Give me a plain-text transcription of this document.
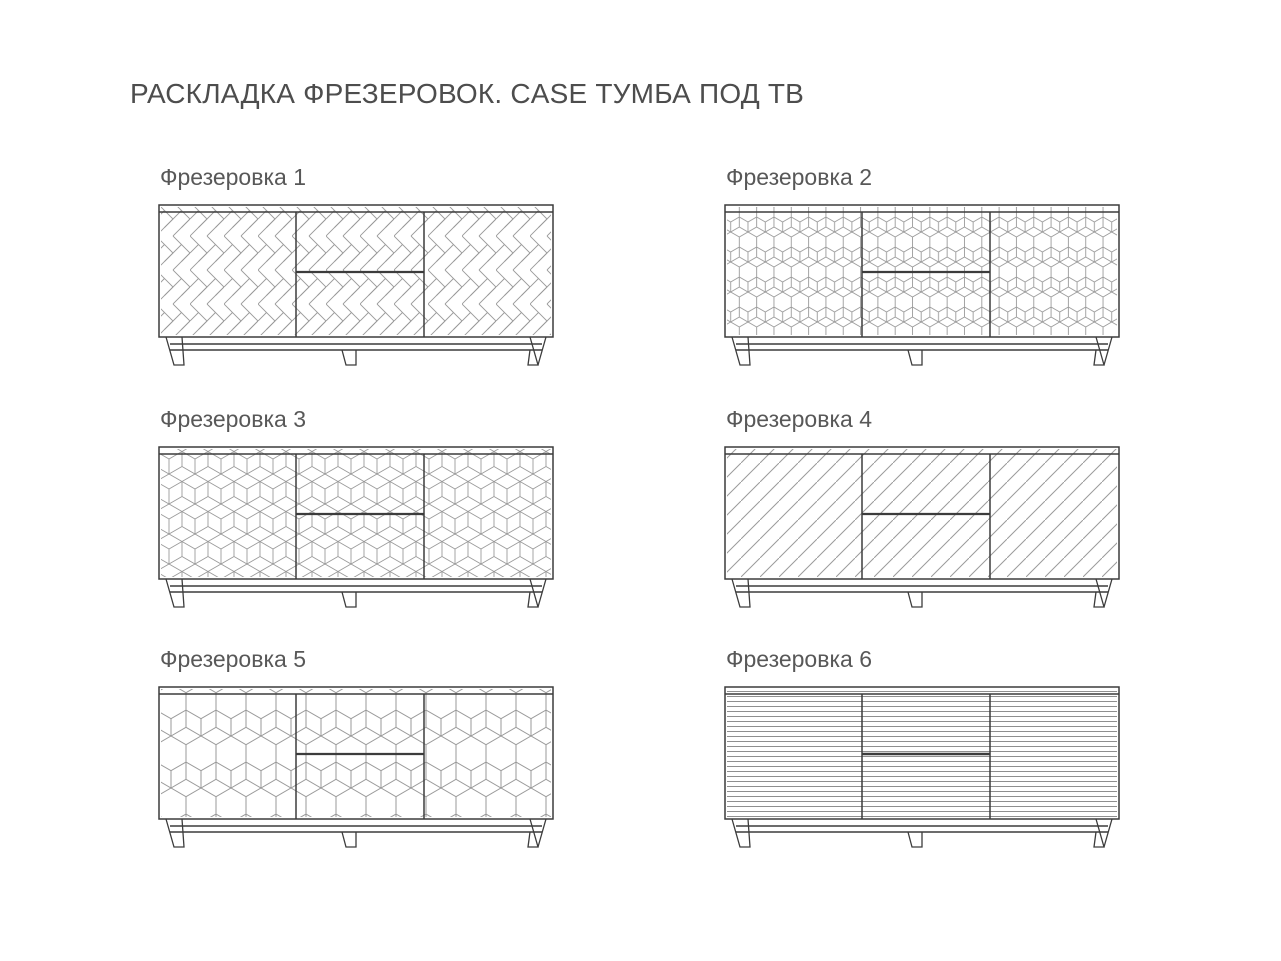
РАСКЛАДКА ФРЕЗЕРОВОК. CASE ТУМБА ПОД ТВ
Фрезеровка 1	Фрезеровка 2
Фрезеровка 3	Фрезеровка 4
Фрезеровка 5	Фрезеровка 6
